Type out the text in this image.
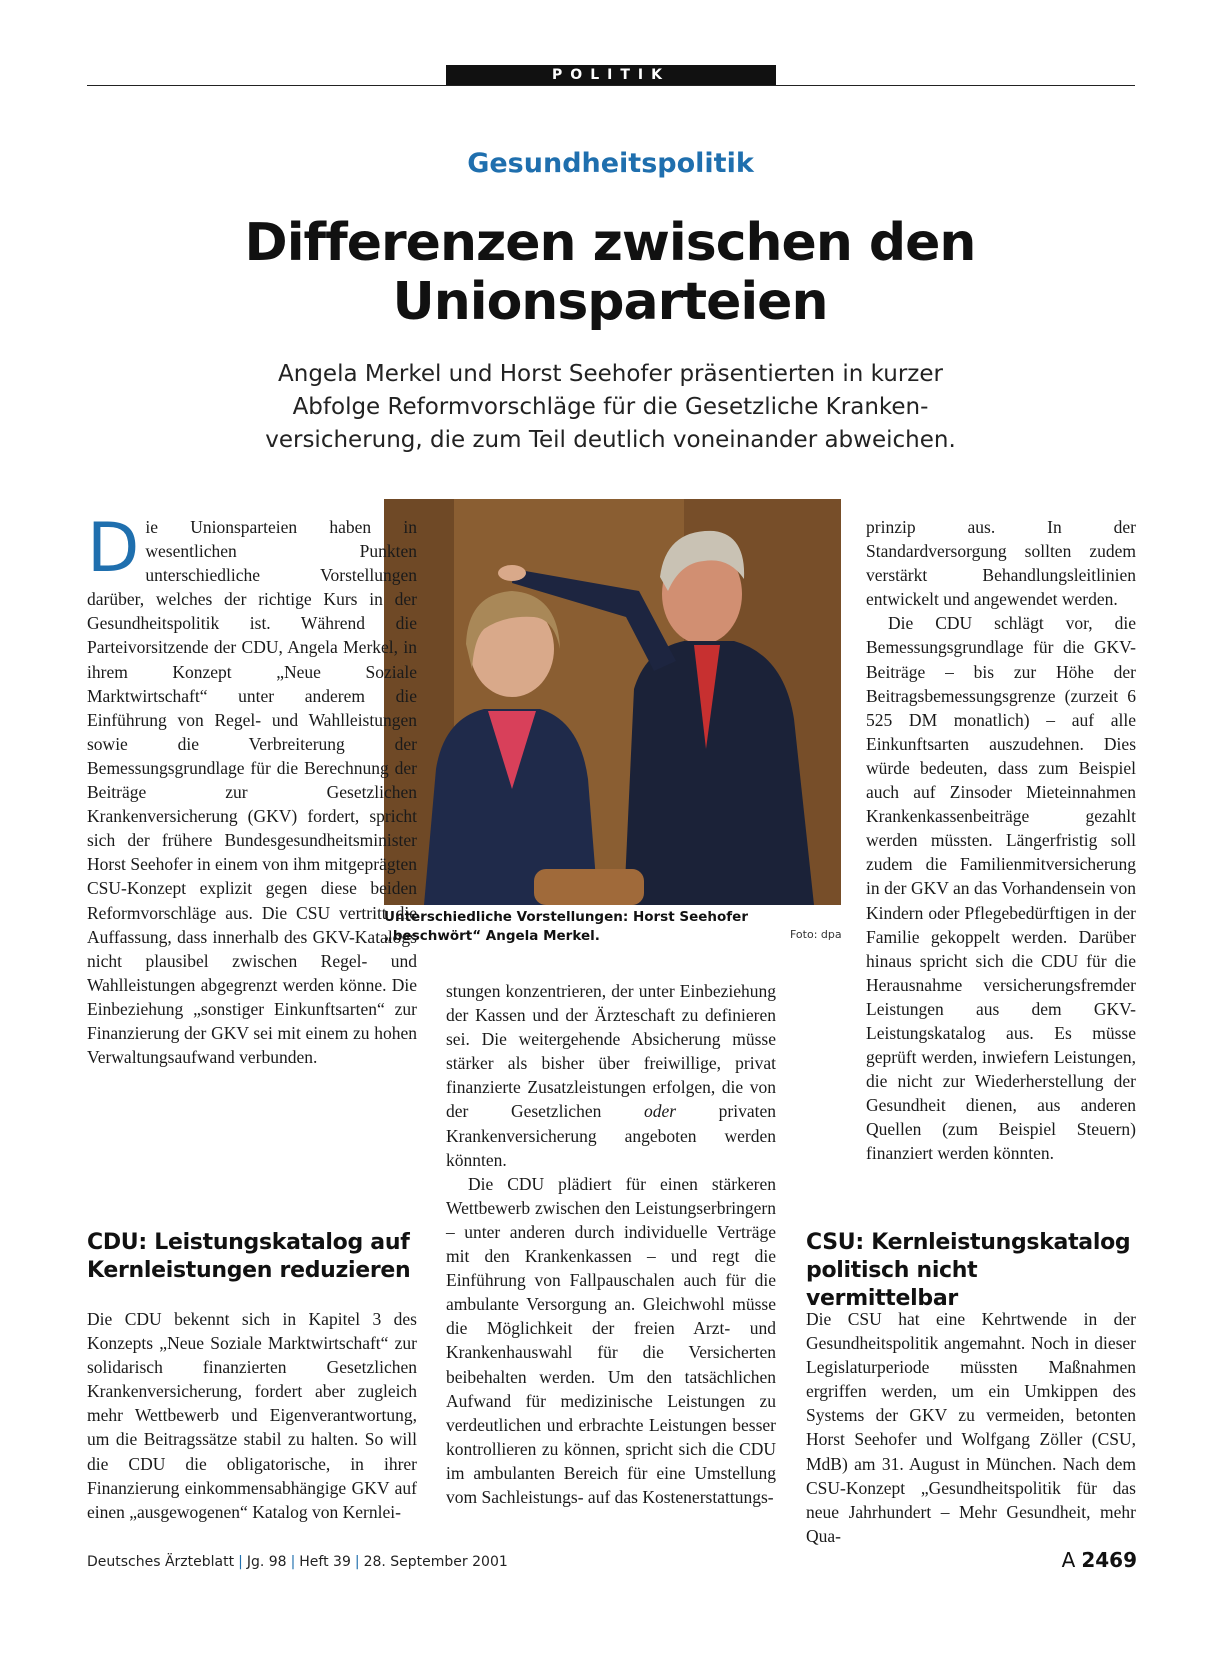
POLITIK
Gesundheitspolitik
Differenzen zwischen den Unionsparteien
Angela Merkel und Horst Seehofer präsentierten in kurzer Abfolge Reformvorschläge für die Gesetzliche Kranken- versicherung, die zum Teil deutlich voneinander abweichen.
Unterschiedliche Vorstellungen: Horst Seehofer „beschwört“ Angela Merkel.	Foto: dpa

Die Unionsparteien haben in wesentlichen Punkten unterschiedliche Vorstellungen darüber, welches der richtige Kurs in der Gesundheitspolitik ist. Während die Parteivorsitzende der CDU, Angela Merkel, in ihrem Konzept „Neue Soziale Marktwirtschaft“ unter anderem die Einführung von Regel- und Wahlleistungen sowie die Verbreiterung der Bemessungsgrundlage für die Berechnung der Beiträge zur Gesetzlichen Krankenversicherung (GKV) fordert, spricht sich der frühere Bundesgesundheitsminister Horst Seehofer in einem von ihm mitgeprägten CSU-Konzept explizit gegen diese beiden Reformvorschläge aus. Die CSU vertritt die Auffassung, dass innerhalb des GKV-Katalogs nicht plausibel zwischen Regel- und Wahlleistungen abgegrenzt werden könne. Die Einbeziehung „sonstiger Einkunftsarten“ zur Finanzierung der GKV sei mit einem zu hohen Verwaltungsaufwand verbunden.

CDU: Leistungskatalog auf Kernleistungen reduzieren

Die CDU bekennt sich in Kapitel 3 des Konzepts „Neue Soziale Marktwirtschaft“ zur solidarisch finanzierten Gesetzlichen Krankenversicherung, fordert aber zugleich mehr Wettbewerb und Eigenverantwortung, um die Beitragssätze stabil zu halten. So will die CDU die obligatorische, in ihrer Finanzierung einkommensabhängige GKV auf einen „ausgewogenen“ Katalog von Kernlei-

stungen konzentrieren, der unter Einbeziehung der Kassen und der Ärzteschaft zu definieren sei. Die weitergehende Absicherung müsse stärker als bisher über freiwillige, privat finanzierte Zusatzleistungen erfolgen, die von der Gesetzlichen oder privaten Krankenversicherung angeboten werden könnten.

Die CDU plädiert für einen stärkeren Wettbewerb zwischen den Leistungserbringern – unter anderen durch individuelle Verträge mit den Krankenkassen – und regt die Einführung von Fallpauschalen auch für die ambulante Versorgung an. Gleichwohl müsse die Möglichkeit der freien Arzt- und Krankenhauswahl für die Versicherten beibehalten werden. Um den tatsächlichen Aufwand für medizinische Leistungen zu verdeutlichen und erbrachte Leistungen besser kontrollieren zu können, spricht sich die CDU im ambulanten Bereich für eine Umstellung vom Sachleistungs- auf das Kostenerstattungs-

prinzip aus. In der Standardversorgung sollten zudem verstärkt Behandlungsleitlinien entwickelt und angewendet werden.

Die CDU schlägt vor, die Bemessungsgrundlage für die GKV-Beiträge – bis zur Höhe der Beitragsbemessungsgrenze (zurzeit 6 525 DM monatlich) – auf alle Einkunftsarten auszudehnen. Dies würde bedeuten, dass zum Beispiel auch auf Zinsoder Mieteinnahmen Krankenkassenbeiträge gezahlt werden müssten. Längerfristig soll zudem die Familienmitversicherung in der GKV an das Vorhandensein von Kindern oder Pflegebedürftigen in der Familie gekoppelt werden. Darüber hinaus spricht sich die CDU für die Herausnahme versicherungsfremder Leistungen aus dem GKV-Leistungskatalog aus. Es müsse geprüft werden, inwiefern Leistungen, die nicht zur Wiederherstellung der Gesundheit dienen, aus anderen Quellen (zum Beispiel Steuern) finanziert werden könnten.

CSU: Kernleistungskatalog politisch nicht vermittelbar

Die CSU hat eine Kehrtwende in der Gesundheitspolitik angemahnt. Noch in dieser Legislaturperiode müssten Maßnahmen ergriffen werden, um ein Umkippen des Systems der GKV zu vermeiden, betonten Horst Seehofer und Wolfgang Zöller (CSU, MdB) am 31. August in München. Nach dem CSU-Konzept „Gesundheitspolitik für das neue Jahrhundert – Mehr Gesundheit, mehr Qua-

Deutsches Ärzteblatt | Jg. 98 | Heft 39 | 28. September 2001	A 2469
